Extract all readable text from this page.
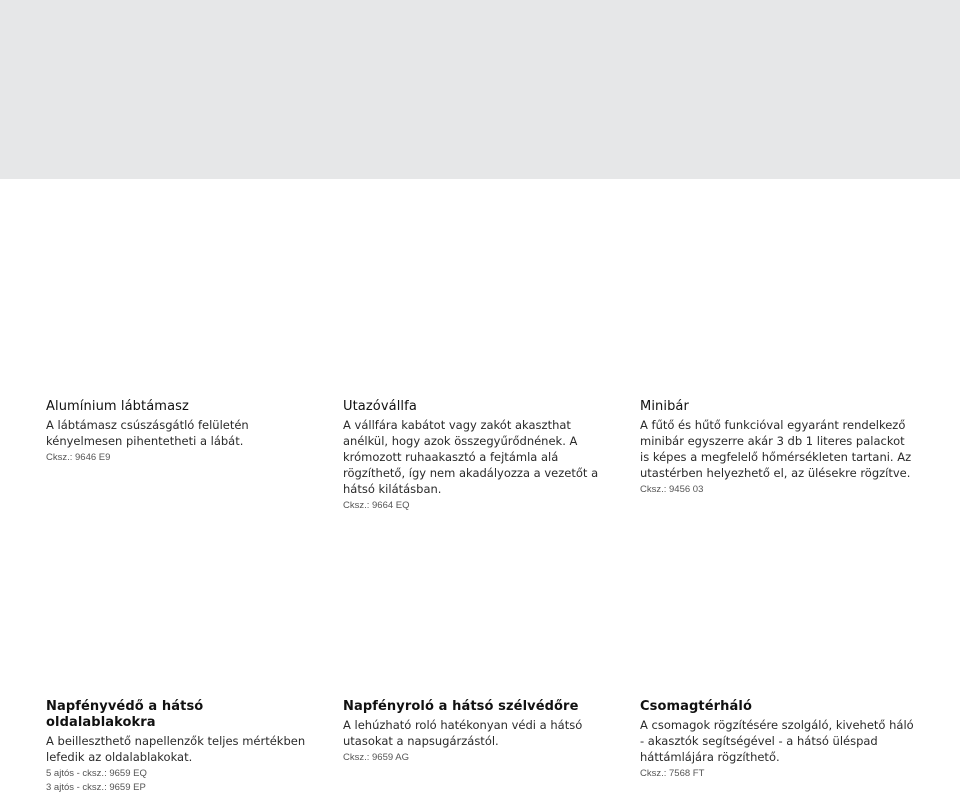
Alumínium lábtámasz

A lábtámasz csúszásgátló felületén kényelmesen pihentetheti a lábát.

Cksz.: 9646 E9

Utazóvállfa

A vállfára kabátot vagy zakót akaszthat anélkül, hogy azok összegyűrődnének. A krómozott ruhaakasztó a fejtámla alá rögzíthető, így nem akadályozza a vezetőt a hátsó kilátásban.

Cksz.: 9664 EQ

Minibár

A fűtő és hűtő funkcióval egyaránt rendelkező minibár egyszerre akár 3 db 1 literes palackot is képes a megfelelő hőmérsékleten tartani. Az utastérben helyezhető el, az ülésekre rögzítve.

Cksz.: 9456 03

Napfényvédő a hátsó oldalablakokra

A beilleszthető napellenzők teljes mértékben lefedik az oldalablakokat.

5 ajtós - cksz.: 9659 EQ

3 ajtós - cksz.: 9659 EP

Napfényroló a hátsó szélvédőre

A lehúzható roló hatékonyan védi a hátsó utasokat a napsugárzástól.

Cksz.: 9659 AG

Csomagtérháló

A csomagok rögzítésére szolgáló, kivehető háló - akasztók segítségével - a hátsó üléspad háttámlájára rögzíthető.

Cksz.: 7568 FT
